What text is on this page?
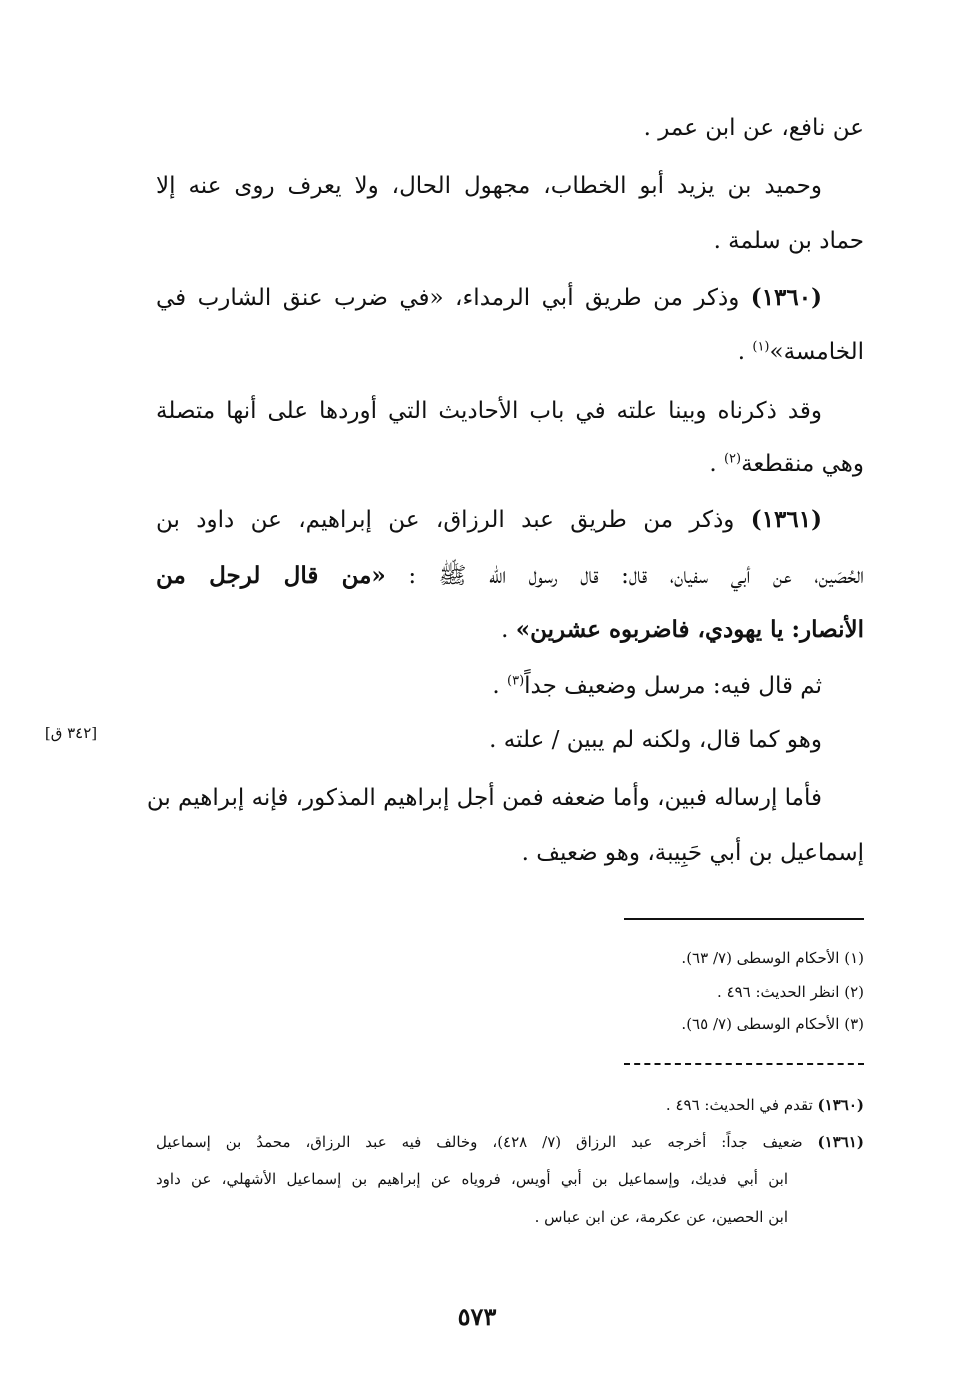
عن نافع، عن ابن عمر .
وحميد بن يزيد أبو الخطاب، مجهول الحال، ولا يعرف روى عنه إلا
حماد بن سلمة .
(١٣٦٠) وذكر من طريق أبي الرمداء، «في ضرب عنق الشارب في
الخامسة»$^{(١)}$ .
وقد ذكرناه وبينا علته في باب الأحاديث التي أوردها على أنها متصلة
وهي منقطعة$^{(٢)}$ .
(١٣٦١) وذكر من طريق عبد الرزاق، عن إبراهيم، عن داود بن
الحُصَين، عن أبي سفيان، قال: قال رسول الله ﷺ : «من قال لرجل من
الأنصار: يا يهودي، فاضربوه عشرين» .
ثم قال فيه: مرسل وضعيف جداً$^{(٣)}$ .
وهو كما قال، ولكنه لم يبين / علته .
فأما إرساله فبين، وأما ضعفه فمن أجل إبراهيم المذكور، فإنه إبراهيم بن
إسماعيل بن أبي حَبِيبة، وهو ضعيف .
[٣٤٢ ق]
(١) الأحكام الوسطى (٧/ ٦٣).
(٢) انظر الحديث: ٤٩٦ .
(٣) الأحكام الوسطى (٧/ ٦٥).
(١٣٦٠) تقدم في الحديث: ٤٩٦ .
(١٣٦١) ضعيف جداً: أخرجه عبد الرزاق (٧/ ٤٢٨)، وخالف فيه عبد الرزاق، محمدُ بن إسماعيل
ابن أبي فديك، وإسماعيل بن أبي أويس، فروياه عن إبراهيم بن إسماعيل الأشهلي، عن داود
ابن الحصين، عن عكرمة، عن ابن عباس .
٥٧٣
